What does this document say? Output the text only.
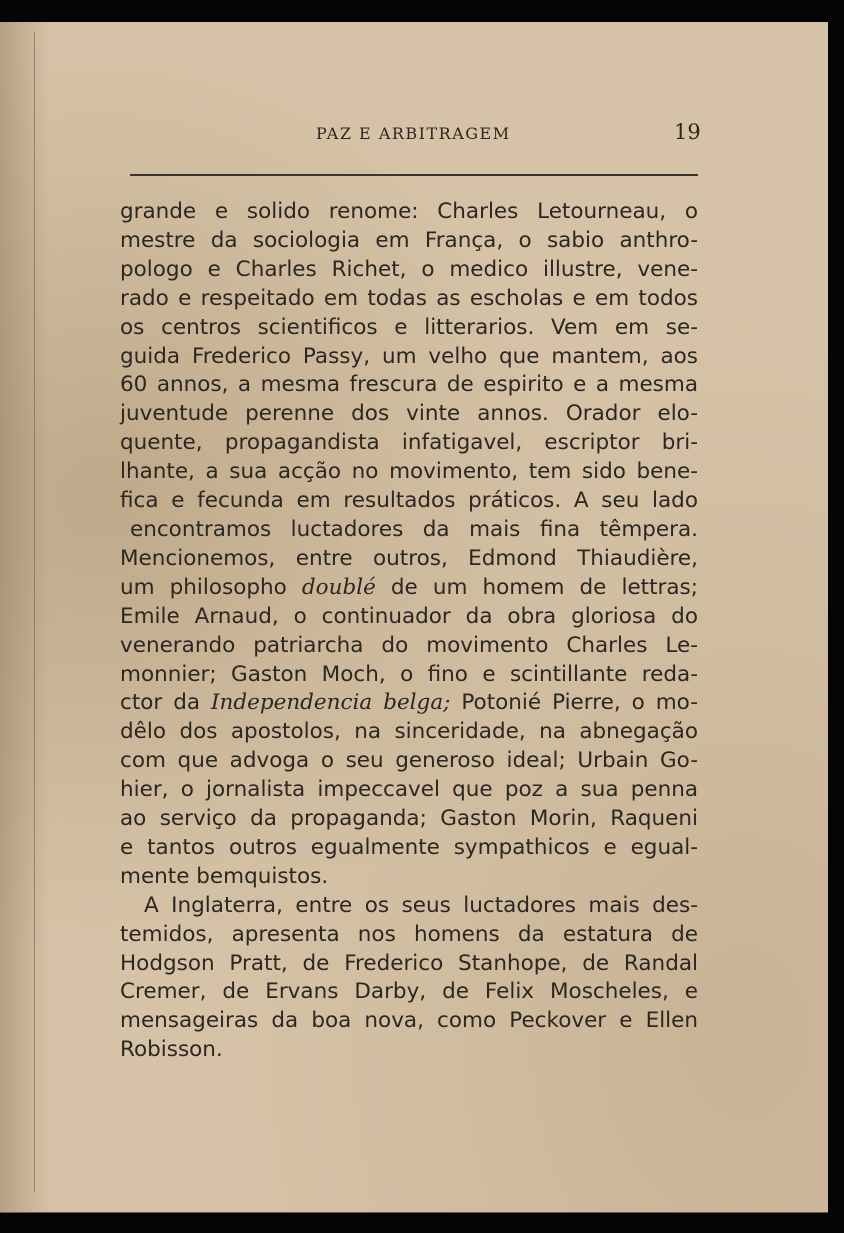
PAZ E ARBITRAGEM	19
grande e solido renome: Charles Letourneau, o
mestre da sociologia em França, o sabio anthro-
pologo e Charles Richet, o medico illustre, vene-
rado e respeitado em todas as escholas e em todos
os centros scientificos e litterarios. Vem em se-
guida Frederico Passy, um velho que mantem, aos
60 annos, a mesma frescura de espirito e a mesma
juventude perenne dos vinte annos. Orador elo-
quente, propagandista infatigavel, escriptor bri-
lhante, a sua acção no movimento, tem sido bene-
fica e fecunda em resultados práticos. A seu lado
encontramos luctadores da mais fina têmpera.
Mencionemos, entre outros, Edmond Thiaudière,
um philosopho doublé de um homem de lettras;
Emile Arnaud, o continuador da obra gloriosa do
venerando patriarcha do movimento Charles Le-
monnier; Gaston Moch, o fino e scintillante reda-
ctor da Independencia belga; Potonié Pierre, o mo-
dêlo dos apostolos, na sinceridade, na abnegação
com que advoga o seu generoso ideal; Urbain Go-
hier, o jornalista impeccavel que poz a sua penna
ao serviço da propaganda; Gaston Morin, Raqueni
e tantos outros egualmente sympathicos e egual-
mente bemquistos.
A Inglaterra, entre os seus luctadores mais des-
temidos, apresenta nos homens da estatura de
Hodgson Pratt, de Frederico Stanhope, de Randal
Cremer, de Ervans Darby, de Felix Moscheles, e
mensageiras da boa nova, como Peckover e Ellen
Robisson.
